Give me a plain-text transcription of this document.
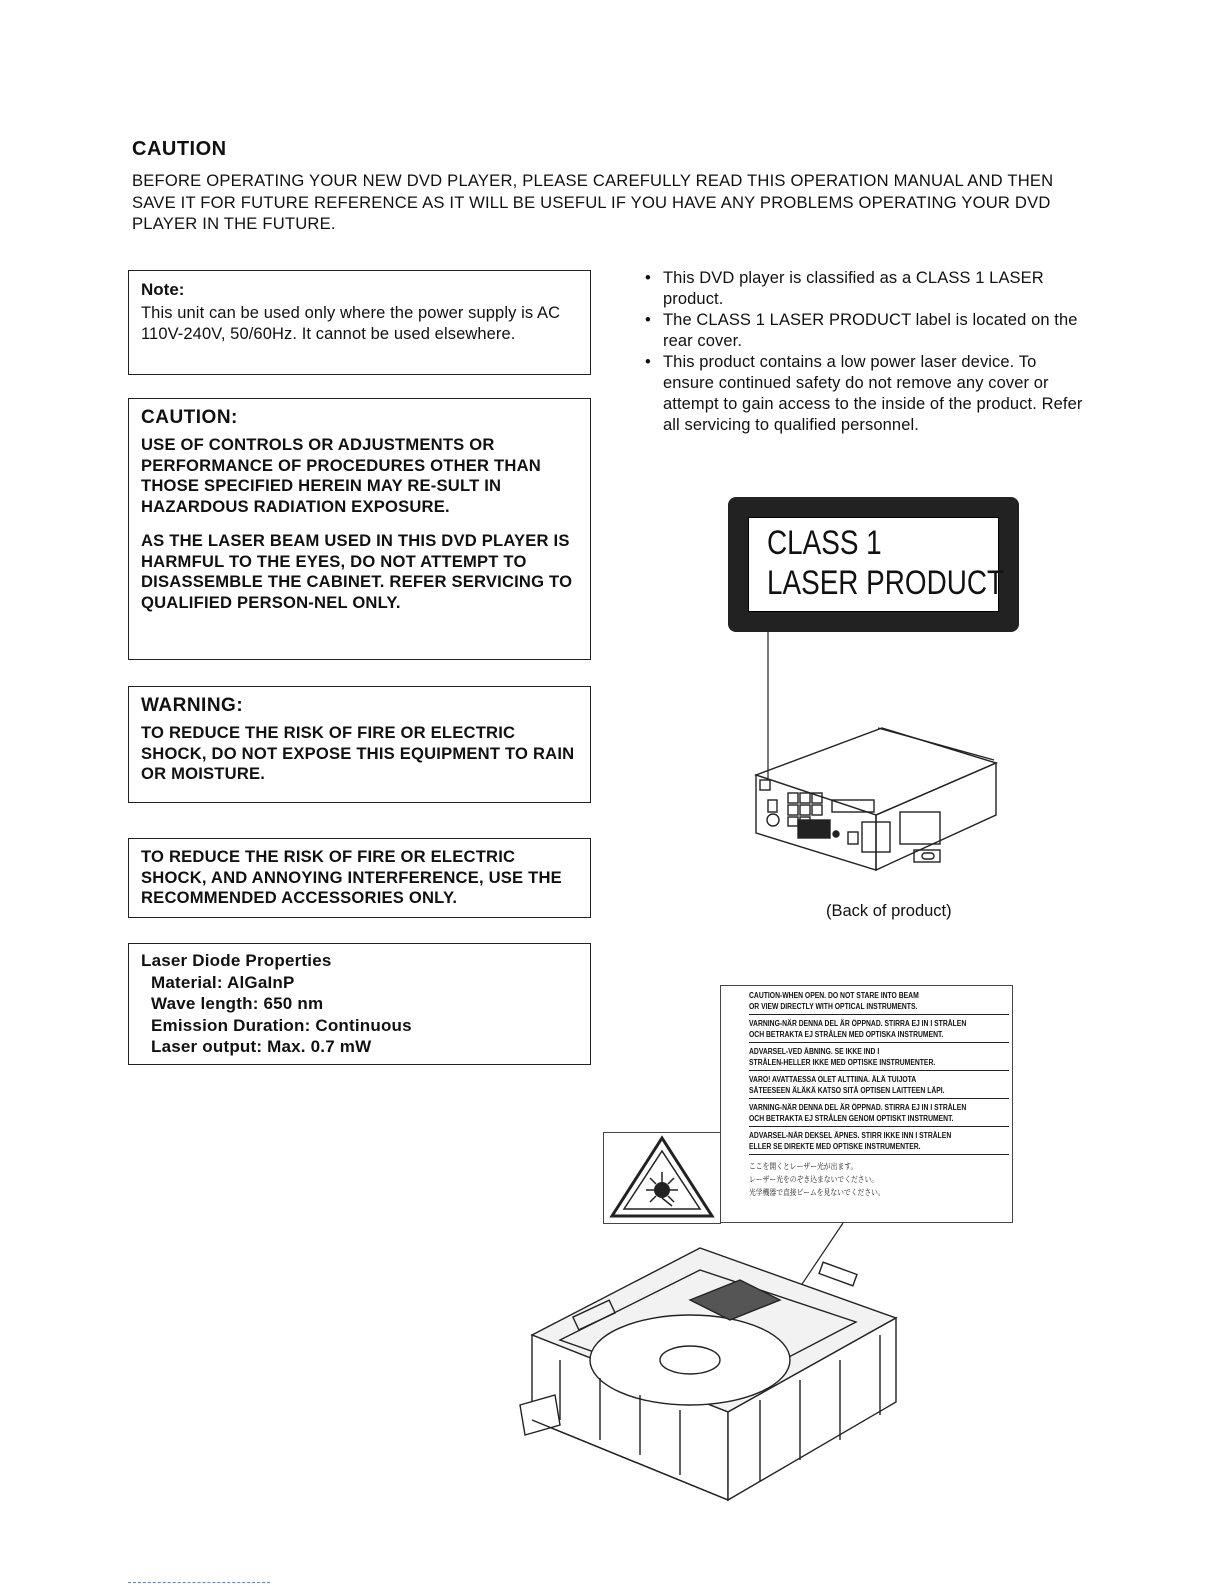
CAUTION
BEFORE OPERATING YOUR NEW DVD PLAYER, PLEASE CAREFULLY READ THIS OPERATION MANUAL AND THEN SAVE IT FOR FUTURE REFERENCE AS IT WILL BE USEFUL IF YOU HAVE ANY PROBLEMS OPERATING YOUR DVD PLAYER IN THE FUTURE.
Note:
This unit can be used only where the power supply is AC 110V-240V, 50/60Hz. It cannot be used elsewhere.
CAUTION:
USE OF CONTROLS OR ADJUSTMENTS OR PERFORMANCE OF PROCEDURES OTHER THAN THOSE SPECIFIED HEREIN MAY RE-SULT IN HAZARDOUS RADIATION EXPOSURE.
AS THE LASER BEAM USED IN THIS DVD PLAYER IS HARMFUL TO THE EYES, DO NOT ATTEMPT TO DISASSEMBLE THE CABINET. REFER SERVICING TO QUALIFIED PERSON-NEL ONLY.
WARNING:
TO REDUCE THE RISK OF FIRE OR ELECTRIC SHOCK, DO NOT EXPOSE THIS EQUIPMENT TO RAIN OR MOISTURE.
TO REDUCE THE RISK OF FIRE OR ELECTRIC SHOCK, AND ANNOYING INTERFERENCE, USE THE RECOMMENDED ACCESSORIES ONLY.
Laser Diode Properties
Material: AlGaInP
Wave length: 650 nm
Emission Duration: Continuous
Laser output: Max. 0.7 mW
• This DVD player is classified as a CLASS 1 LASER product.
• The CLASS 1 LASER PRODUCT label is located on the rear cover.
• This product contains a low power laser device. To ensure continued safety do not remove any cover or attempt to gain access to the inside of the product. Refer all servicing to qualified personnel.
CLASS 1
LASER PRODUCT
(Back of product)
CAUTION-WHEN OPEN. DO NOT STARE INTO BEAM
OR VIEW DIRECTLY WITH OPTICAL INSTRUMENTS.
VARNING-NÄR DENNA DEL ÄR ÖPPNAD. STIRRA EJ IN I STRÅLEN
OCH BETRAKTA EJ STRÅLEN MED OPTISKA INSTRUMENT.
ADVARSEL-VED ÅBNING. SE IKKE IND I
STRÅLEN-HELLER IKKE MED OPTISKE INSTRUMENTER.
VARO! AVATTAESSA OLET ALTTIINA. ÄLÄ TUIJOTA
SÄTEESEEN ÄLÄKÄ KATSO SITÄ OPTISEN LAITTEEN LÄPI.
VARNING-NÄR DENNA DEL ÄR ÖPPNAD. STIRRA EJ IN I STRÅLEN
OCH BETRAKTA EJ STRÅLEN GENOM OPTISKT INSTRUMENT.
ADVARSEL-NÅR DEKSEL ÅPNES. STIRR IKKE INN I STRÅLEN
ELLER SE DIREKTE MED OPTISKE INSTRUMENTER.
ここを開くとレーザー光が出ます。
レーザー光をのぞき込まないでください。
光学機器で直接ビームを見ないでください。
